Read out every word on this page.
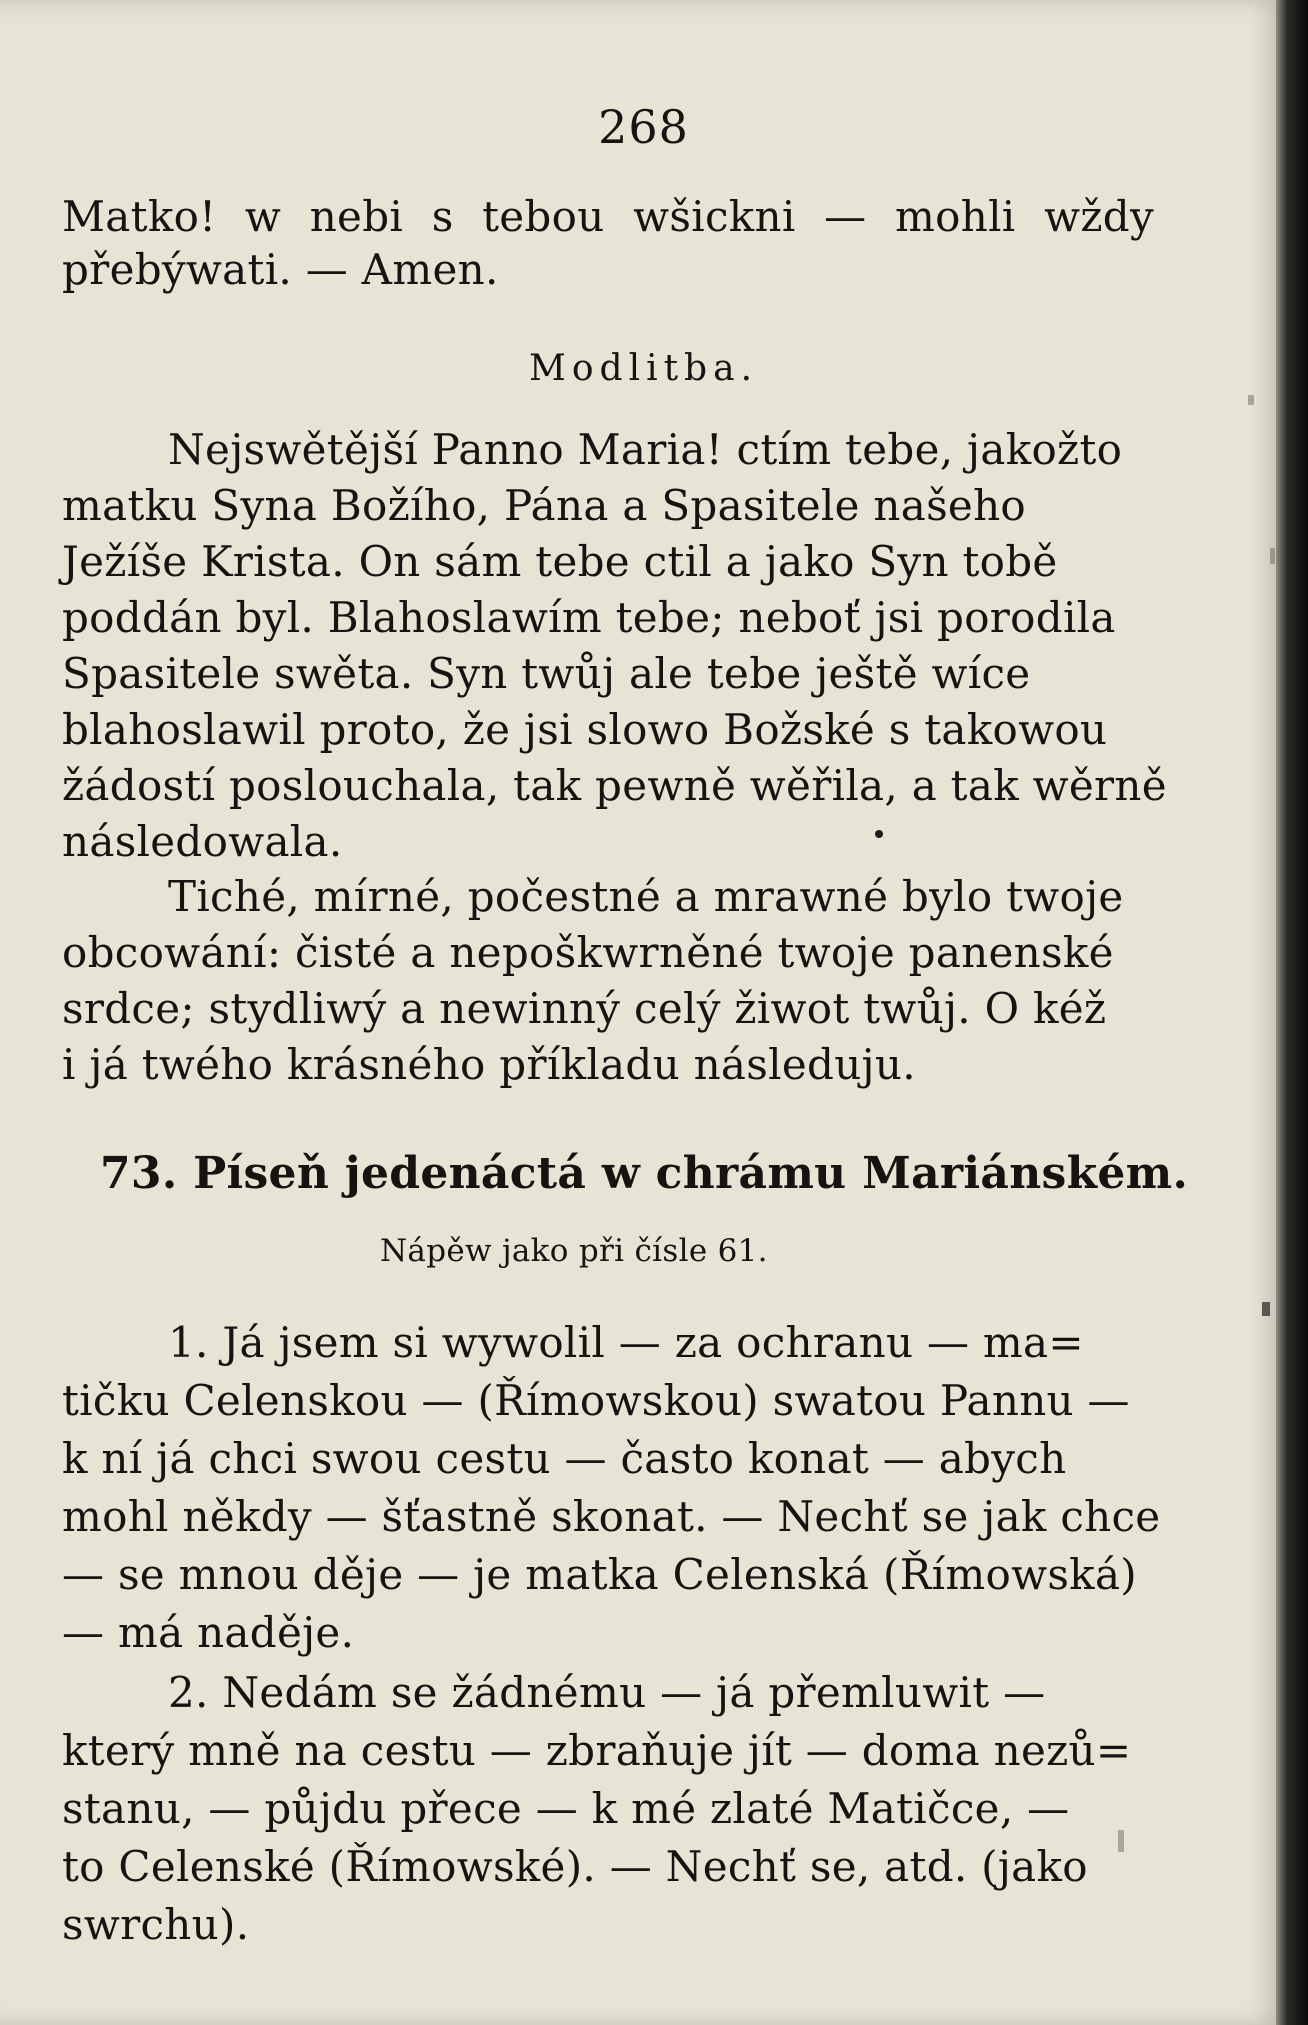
268
Matko! w nebi s tebou wšickni — mohli wždy
přebýwati. — Amen.
Modlitba.
Nejswětější Panno Maria! ctím tebe, jakožto
matku Syna Božího, Pána a Spasitele našeho
Ježíše Krista. On sám tebe ctil a jako Syn tobě
poddán byl. Blahoslawím tebe; neboť jsi porodila
Spasitele swěta. Syn twůj ale tebe ještě wíce
blahoslawil proto, že jsi slowo Božské s takowou
žádostí poslouchala, tak pewně wěřila, a tak wěrně
následowala.
Tiché, mírné, počestné a mrawné bylo twoje
obcowání: čisté a nepoškwrněné twoje panenské
srdce; stydliwý a newinný celý žiwot twůj. O kéž
i já twého krásného příkladu následuju.
73. Píseň jedenáctá w chrámu Mariánském.
Nápěw jako při čísle 61.
1. Já jsem si wywolil — za ochranu — ma=
tičku Celenskou — (Římowskou) swatou Pannu —
k ní já chci swou cestu — často konat — abych
mohl někdy — šťastně skonat. — Nechť se jak chce
— se mnou děje — je matka Celenská (Římowská)
— má naděje.
2. Nedám se žádnému — já přemluwit —
který mně na cestu — zbraňuje jít — doma nezů=
stanu, — půjdu přece — k mé zlaté Matičce, —
to Celenské (Římowské). — Nechť se, atd. (jako
swrchu).
